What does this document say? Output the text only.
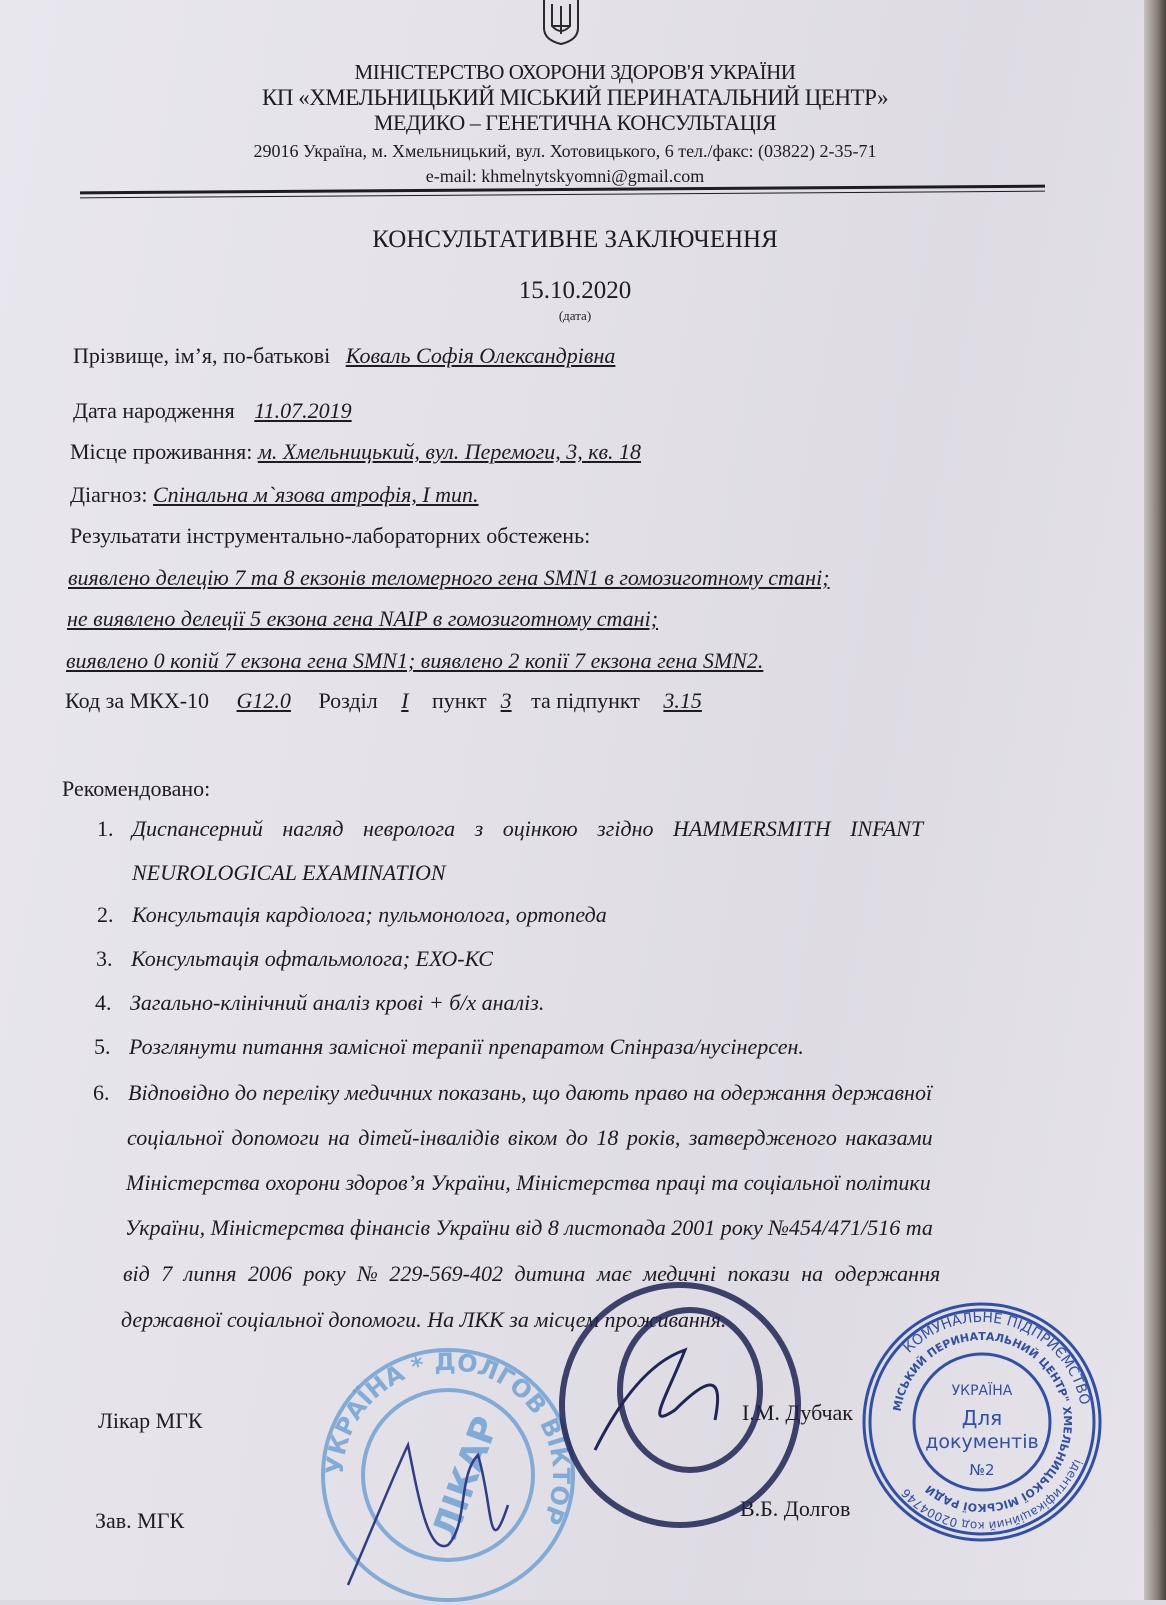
МІНІСТЕРСТВО ОХОРОНИ ЗДОРОВ'Я УКРАЇНИ
КП «ХМЕЛЬНИЦЬКИЙ МІСЬКИЙ ПЕРИНАТАЛЬНИЙ ЦЕНТР»
МЕДИКО – ГЕНЕТИЧНА КОНСУЛЬТАЦІЯ
29016 Україна, м. Хмельницький, вул. Хотовицького, 6 тел./факс: (03822) 2-35-71
e-mail: khmelnytskyomni@gmail.com
КОНСУЛЬТАТИВНЕ ЗАКЛЮЧЕННЯ
15.10.2020
(дата)
Прізвище, ім’я, по-батькові Коваль Софія Олександрівна
Дата народження 11.07.2019
Місце проживання: м. Хмельницький, вул. Перемоги, 3, кв. 18
Діагноз: Спінальна м`язова атрофія, І тип.
Резульатати інструментально-лабораторних обстежень:
виявлено делецію 7 та 8 екзонів теломерного гена SMN1 в гомозиготному стані;
не виявлено делеції 5 екзона гена NAIP в гомозиготному стані;
виявлено 0 копій 7 екзона гена SMN1; виявлено 2 копії 7 екзона гена SMN2.
Код за МКХ-10 G12.0 Розділ І пункт 3 та підпункт 3.15
Рекомендовано:
1. Диспансерний нагляд невролога з оцінкою згідно HAMMERSMITH INFANT
NEUROLOGICAL EXAMINATION
2. Консультація кардіолога; пульмонолога, ортопеда
3. Консультація офтальмолога; ЕХО-КС
4. Загально-клінічний аналіз крові + б/х аналіз.
5. Розглянути питання замісної терапії препаратом Спінраза/нусінерсен.
6. Відповідно до переліку медичних показань, що дають право на одержання державної
соціальної допомоги на дітей-інвалідів віком до 18 років, затвердженого наказами
Міністерства охорони здоров’я України, Міністерства праці та соціальної політики
України, Міністерства фінансів України від 8 листопада 2001 року №454/471/516 та
від 7 липня 2006 року № 229-569-402 дитина має медичні покази на одержання
державної соціальної допомоги. На ЛКК за місцем проживання.
Лікар МГК	І.М. Дубчак
Зав. МГК	В.Б. Долгов
УКРАЇНА * ДОЛГОВ ВІКТОР
ЛІКАР
КОМУНАЛЬНЕ ПІДПРИЄМСТВО
МІСЬКИЙ ПЕРИНАТАЛЬНИЙ ЦЕНТР" ХМЕЛЬНИЦЬКОЇ МІСЬКОЇ РАДИ
ідентифікаційний код 02004746
УКРАЇНА
Для
документів
№2
